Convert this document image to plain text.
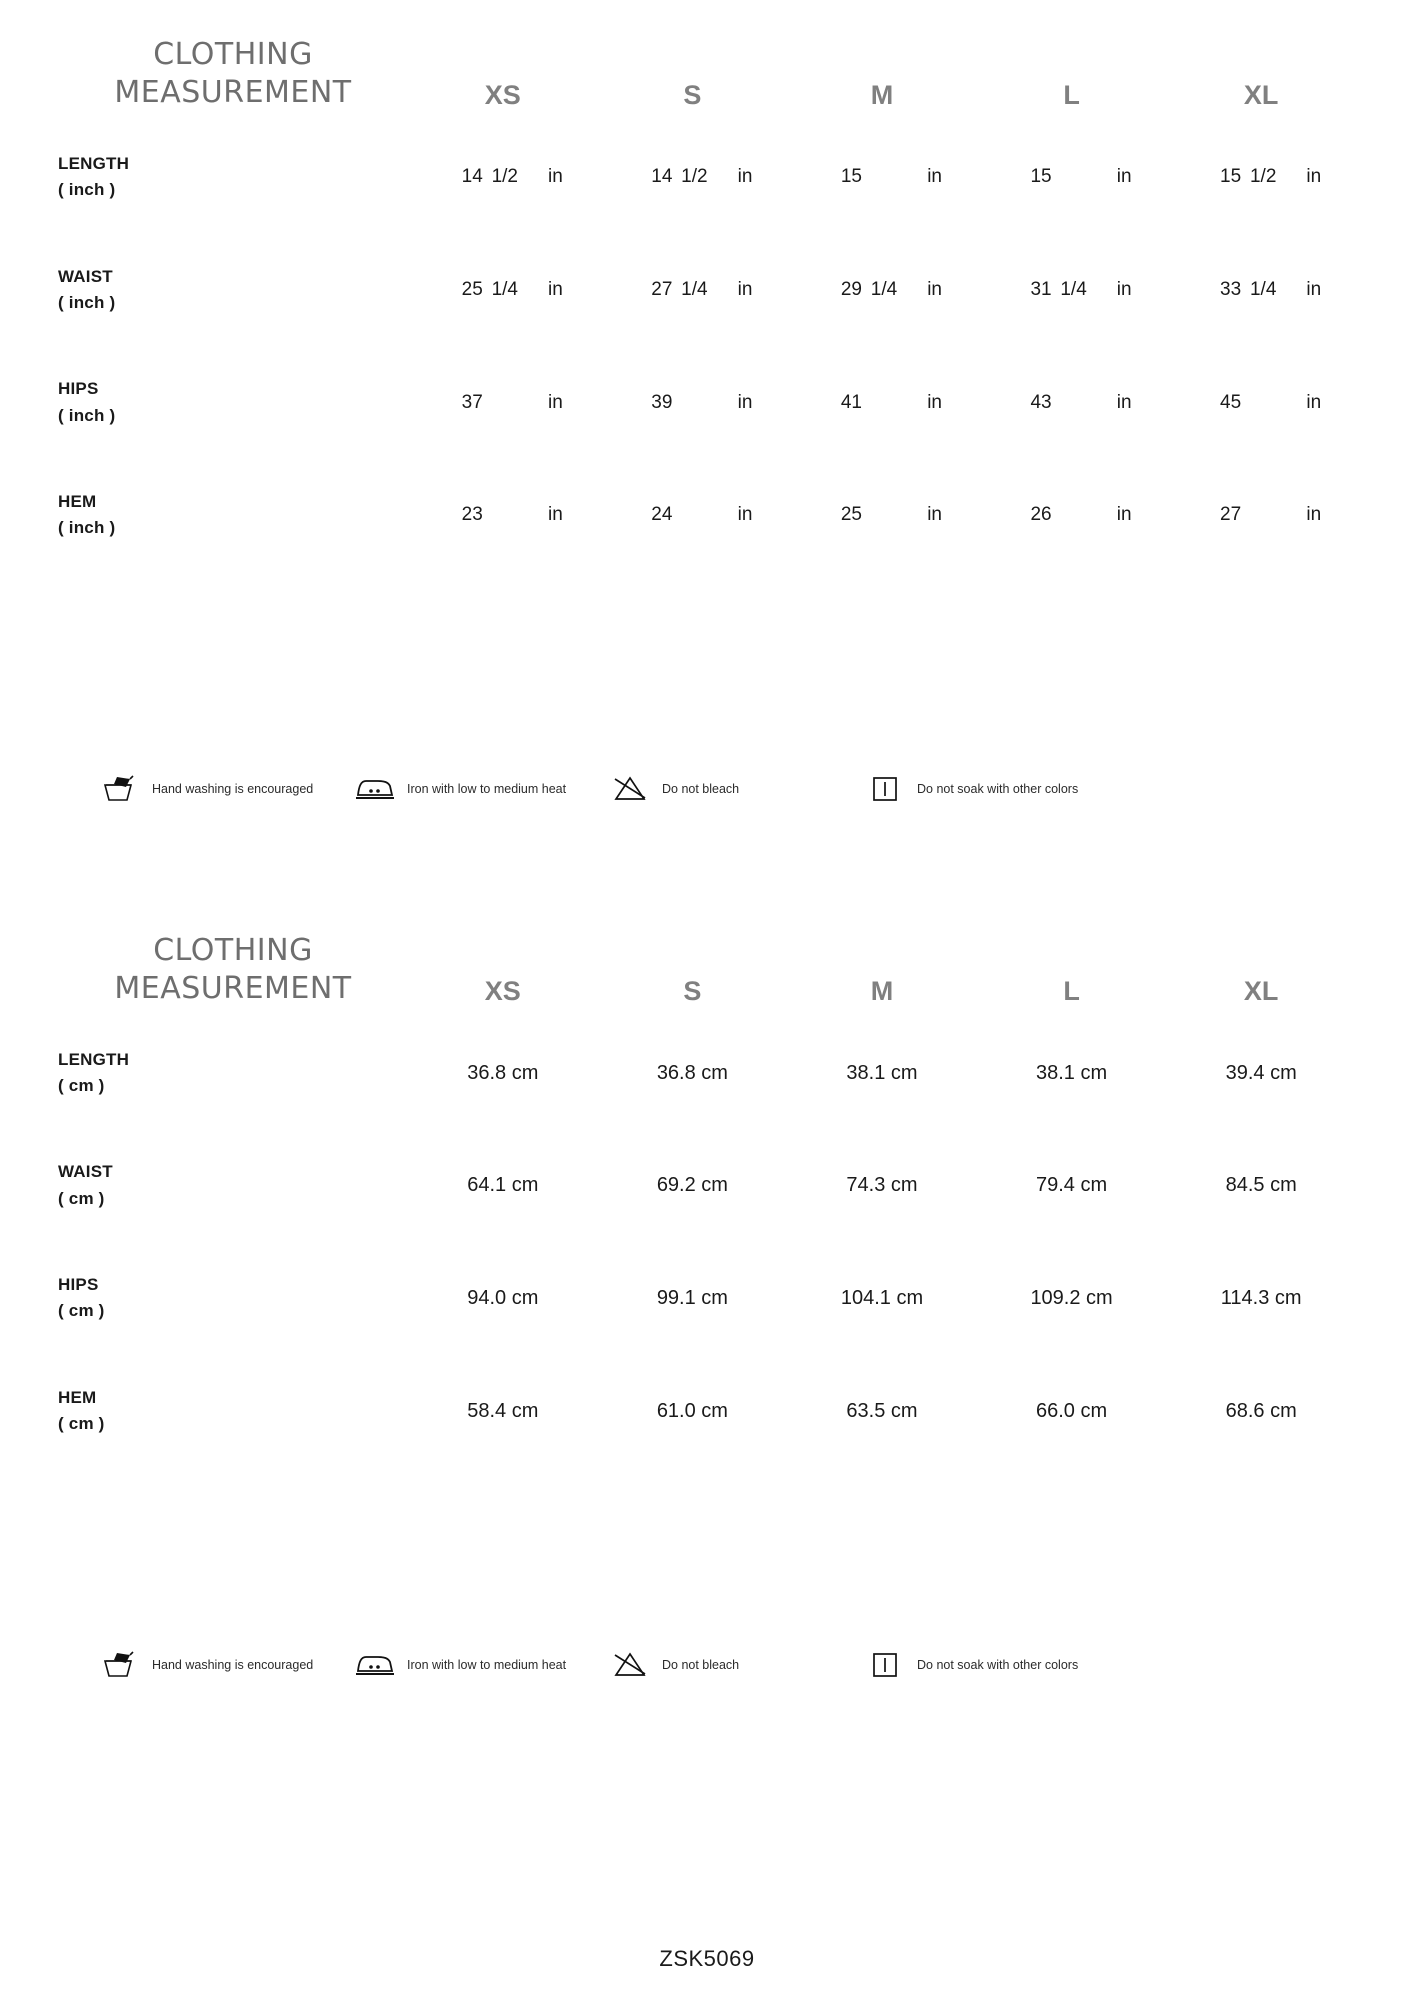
CLOTHING
MEASUREMENT	XS	S	M	L	XL
LENGTH
( inch )	14 1/2 in	14 1/2 in	15 in	15 in	15 1/2 in

WAIST
( inch )	25 1/4 in	27 1/4 in	29 1/4 in	31 1/4 in	33 1/4 in

HIPS
( inch )	37 in	39 in	41 in	43 in	45 in

HEM
( inch )	23 in	24 in	25 in	26 in	27 in
Hand washing is encouraged	Iron with low to medium heat	Do not bleach	Do not soak with other colors
CLOTHING
MEASUREMENT	XS	S	M	L	XL
LENGTH
( cm )	36.8 cm	36.8 cm	38.1 cm	38.1 cm	39.4 cm
WAIST
( cm )	64.1 cm	69.2 cm	74.3 cm	79.4 cm	84.5 cm
HIPS
( cm )	94.0 cm	99.1 cm	104.1 cm	109.2 cm	114.3 cm
HEM
( cm )	58.4 cm	61.0 cm	63.5 cm	66.0 cm	68.6 cm
Hand washing is encouraged	Iron with low to medium heat	Do not bleach	Do not soak with other colors
ZSK5069
